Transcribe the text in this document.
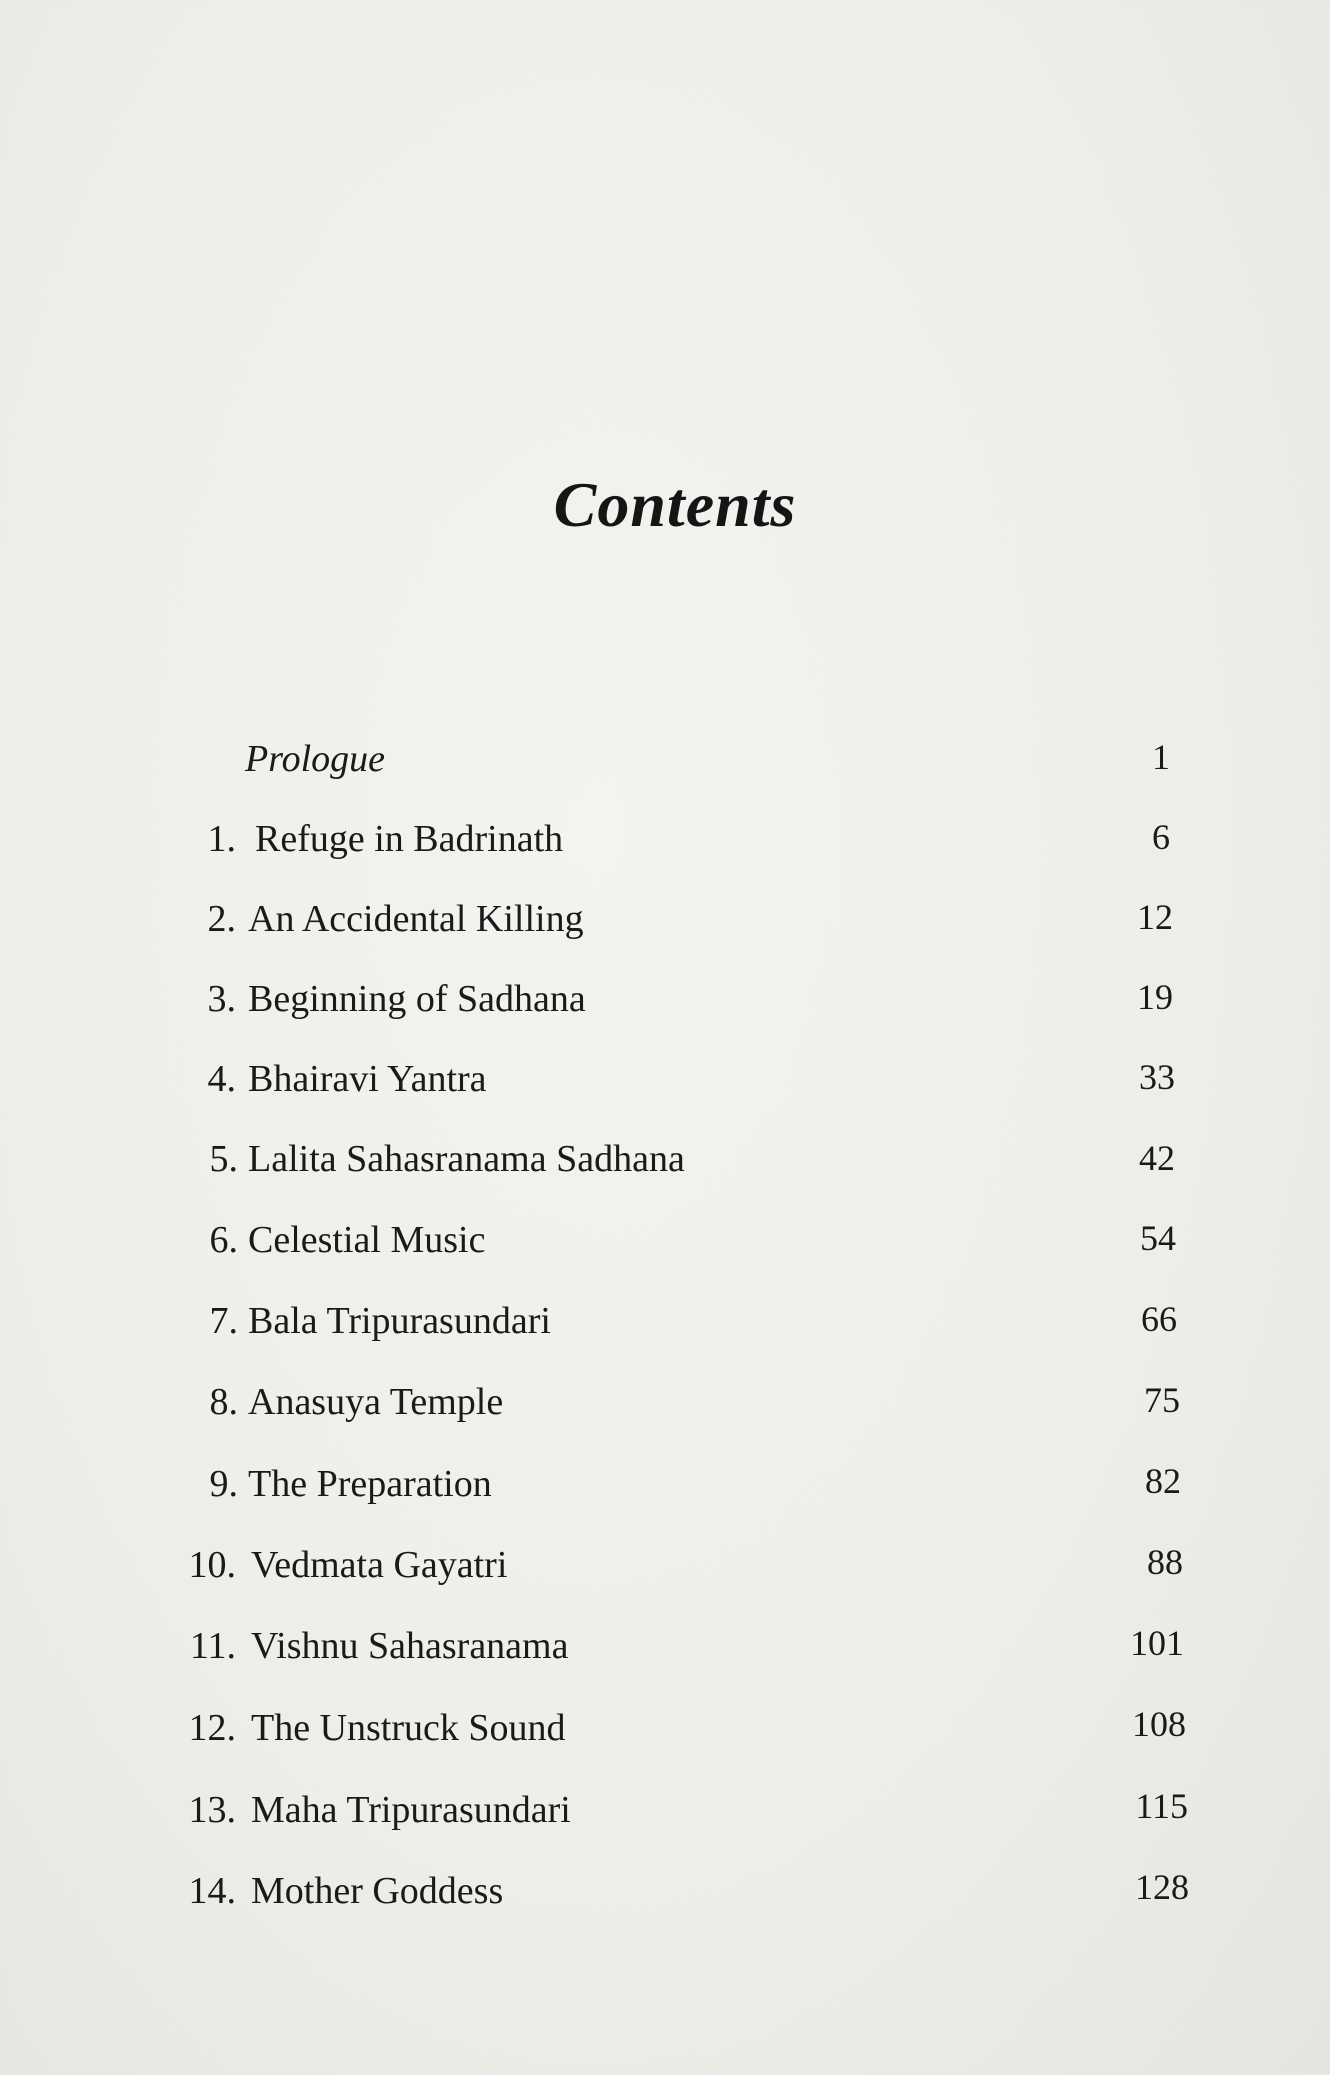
Contents
Prologue	1
1. Refuge in Badrinath	6
2. An Accidental Killing	12
3. Beginning of Sadhana	19
4. Bhairavi Yantra	33
5. Lalita Sahasranama Sadhana	42
6. Celestial Music	54
7. Bala Tripurasundari	66
8. Anasuya Temple	75
9. The Preparation	82
10. Vedmata Gayatri	88
11. Vishnu Sahasranama	101
12. The Unstruck Sound	108
13. Maha Tripurasundari	115
14. Mother Goddess	128
